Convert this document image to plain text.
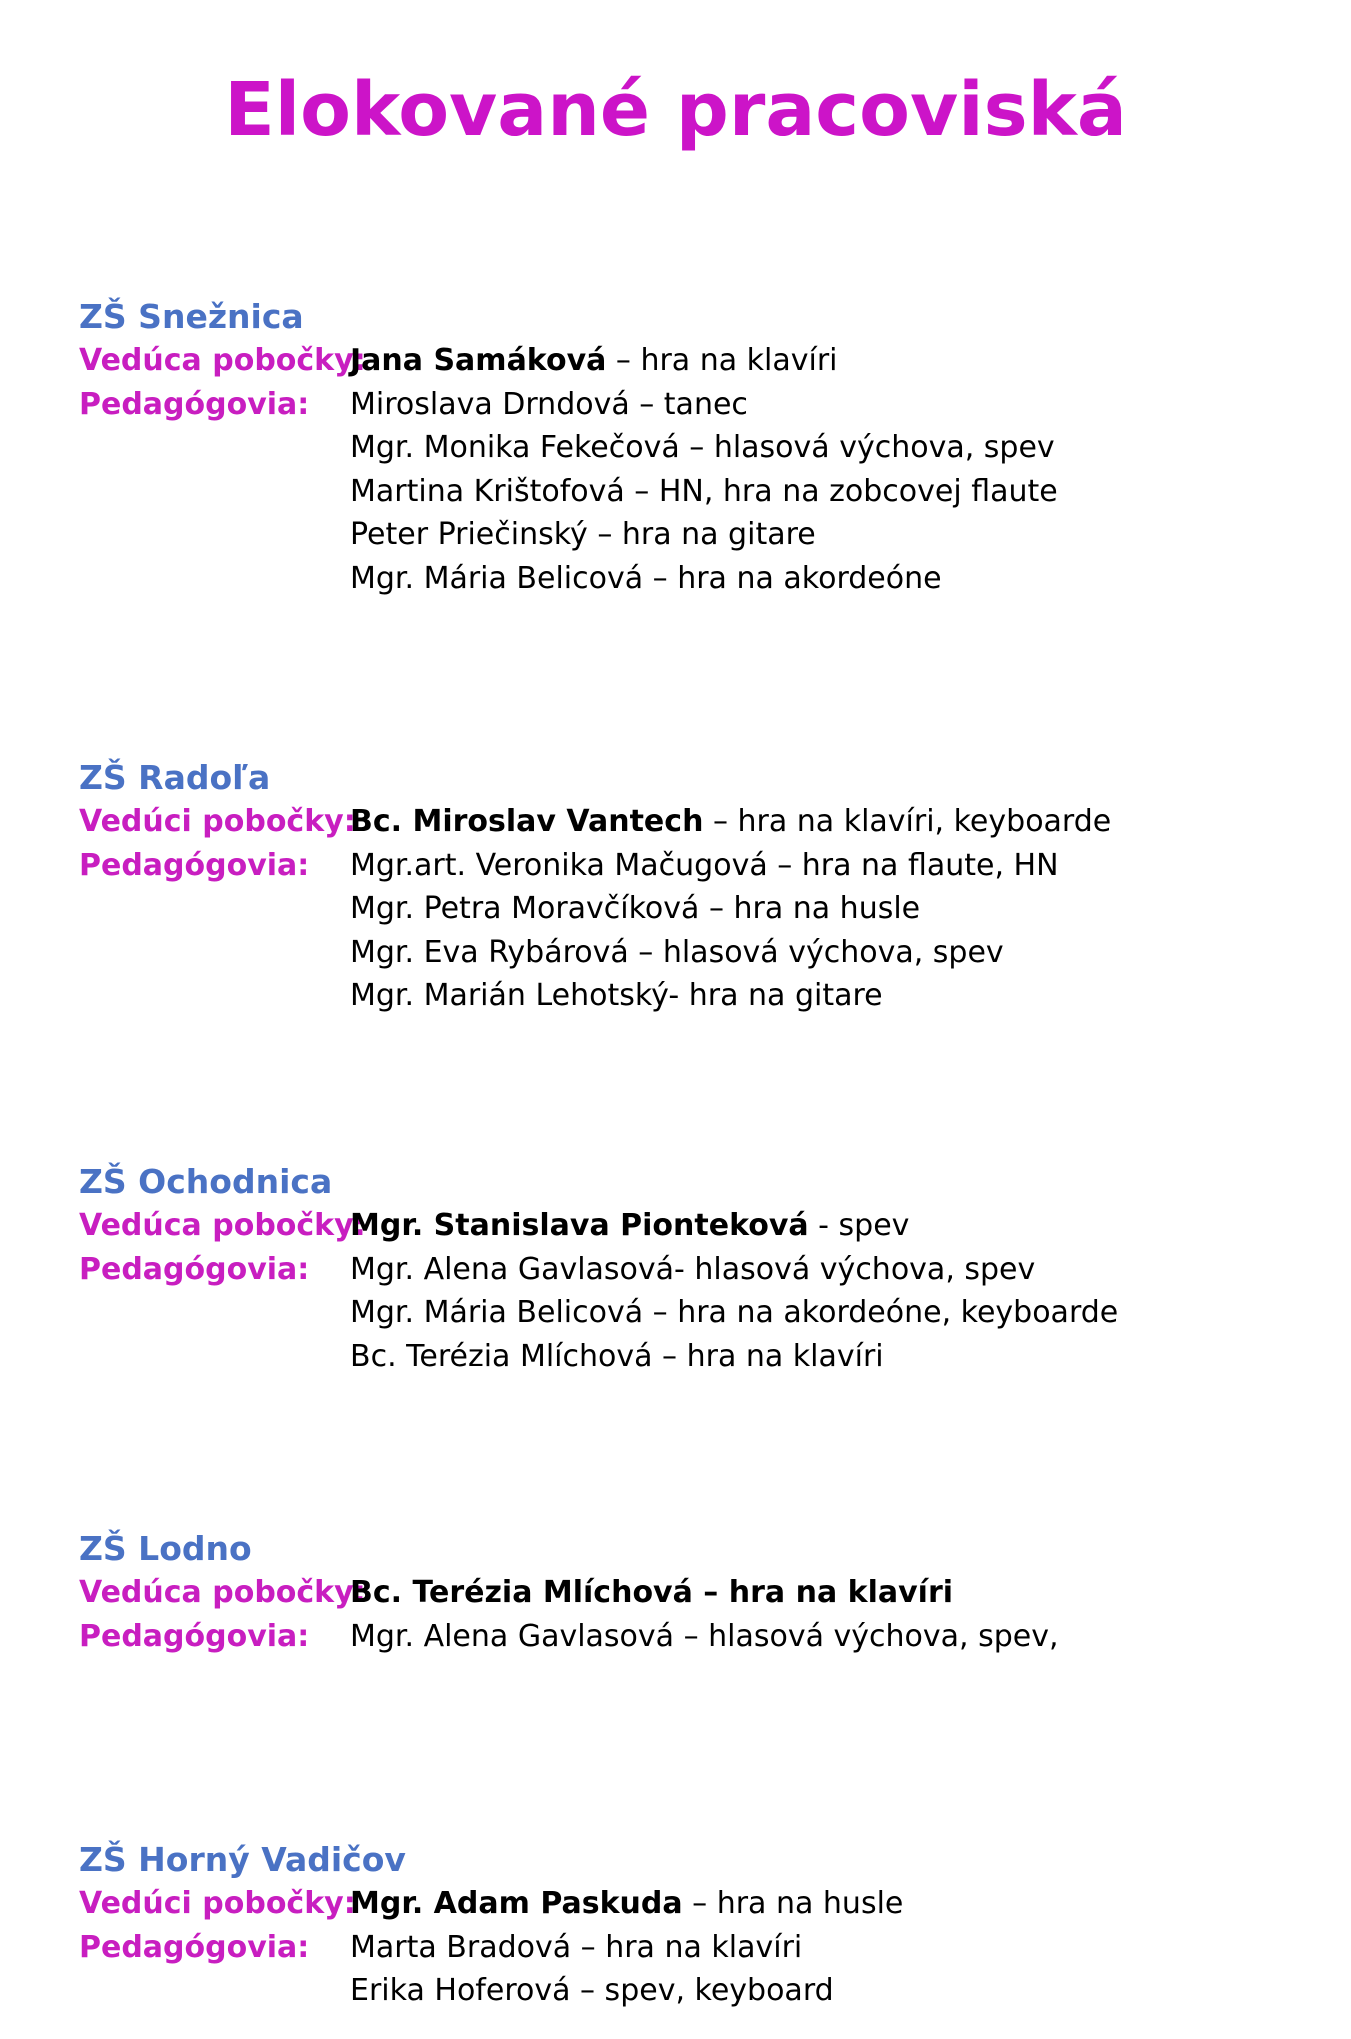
Elokované pracoviská
ZŠ Snežnica
Vedúca pobočky:
Jana Samáková – hra na klavíri
Pedagógovia:	Miroslava Drndová – tanec
Mgr. Monika Fekečová – hlasová výchova, spev
Martina Krištofová – HN, hra na zobcovej flaute
Peter Priečinský – hra na gitare
Mgr. Mária Belicová – hra na akordeóne
ZŠ Radoľa
Vedúci pobočky:
Bc. Miroslav Vantech – hra na klavíri, keyboarde
Pedagógovia:	Mgr.art. Veronika Mačugová – hra na flaute, HN
Mgr. Petra Moravčíková – hra na husle
Mgr. Eva Rybárová – hlasová výchova, spev
Mgr. Marián Lehotský- hra na gitare
ZŠ Ochodnica
Vedúca pobočky:
Mgr. Stanislava Pionteková - spev
Pedagógovia:	Mgr. Alena Gavlasová- hlasová výchova, spev
Mgr. Mária Belicová – hra na akordeóne, keyboarde
Bc. Terézia Mlíchová – hra na klavíri
ZŠ Lodno
Vedúca pobočky:
Bc. Terézia Mlíchová – hra na klavíri
Pedagógovia:	Mgr. Alena Gavlasová – hlasová výchova, spev,
ZŠ Horný Vadičov
Vedúci pobočky:
Mgr. Adam Paskuda – hra na husle
Pedagógovia:	Marta Bradová – hra na klavíri
Erika Hoferová – spev, keyboard
